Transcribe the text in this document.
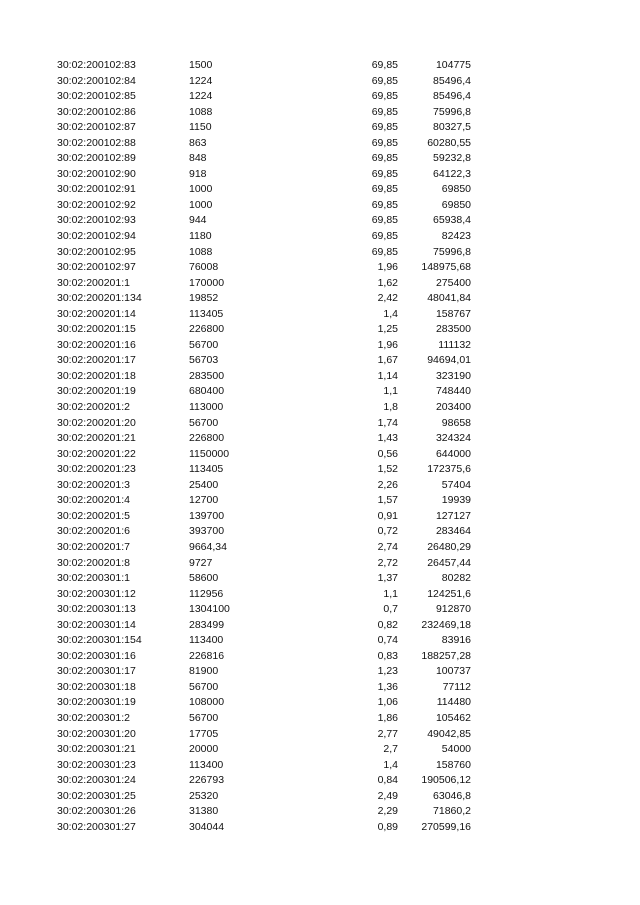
30:02:200102:83	1500	69,85	104775
30:02:200102:84	1224	69,85	85496,4
30:02:200102:85	1224	69,85	85496,4
30:02:200102:86	1088	69,85	75996,8
30:02:200102:87	1150	69,85	80327,5
30:02:200102:88	863	69,85	60280,55
30:02:200102:89	848	69,85	59232,8
30:02:200102:90	918	69,85	64122,3
30:02:200102:91	1000	69,85	69850
30:02:200102:92	1000	69,85	69850
30:02:200102:93	944	69,85	65938,4
30:02:200102:94	1180	69,85	82423
30:02:200102:95	1088	69,85	75996,8
30:02:200102:97	76008	1,96	148975,68
30:02:200201:1	170000	1,62	275400
30:02:200201:134	19852	2,42	48041,84
30:02:200201:14	113405	1,4	158767
30:02:200201:15	226800	1,25	283500
30:02:200201:16	56700	1,96	111132
30:02:200201:17	56703	1,67	94694,01
30:02:200201:18	283500	1,14	323190
30:02:200201:19	680400	1,1	748440
30:02:200201:2	113000	1,8	203400
30:02:200201:20	56700	1,74	98658
30:02:200201:21	226800	1,43	324324
30:02:200201:22	1150000	0,56	644000
30:02:200201:23	113405	1,52	172375,6
30:02:200201:3	25400	2,26	57404
30:02:200201:4	12700	1,57	19939
30:02:200201:5	139700	0,91	127127
30:02:200201:6	393700	0,72	283464
30:02:200201:7	9664,34	2,74	26480,29
30:02:200201:8	9727	2,72	26457,44
30:02:200301:1	58600	1,37	80282
30:02:200301:12	112956	1,1	124251,6
30:02:200301:13	1304100	0,7	912870
30:02:200301:14	283499	0,82	232469,18
30:02:200301:154	113400	0,74	83916
30:02:200301:16	226816	0,83	188257,28
30:02:200301:17	81900	1,23	100737
30:02:200301:18	56700	1,36	77112
30:02:200301:19	108000	1,06	114480
30:02:200301:2	56700	1,86	105462
30:02:200301:20	17705	2,77	49042,85
30:02:200301:21	20000	2,7	54000
30:02:200301:23	113400	1,4	158760
30:02:200301:24	226793	0,84	190506,12
30:02:200301:25	25320	2,49	63046,8
30:02:200301:26	31380	2,29	71860,2
30:02:200301:27	304044	0,89	270599,16
